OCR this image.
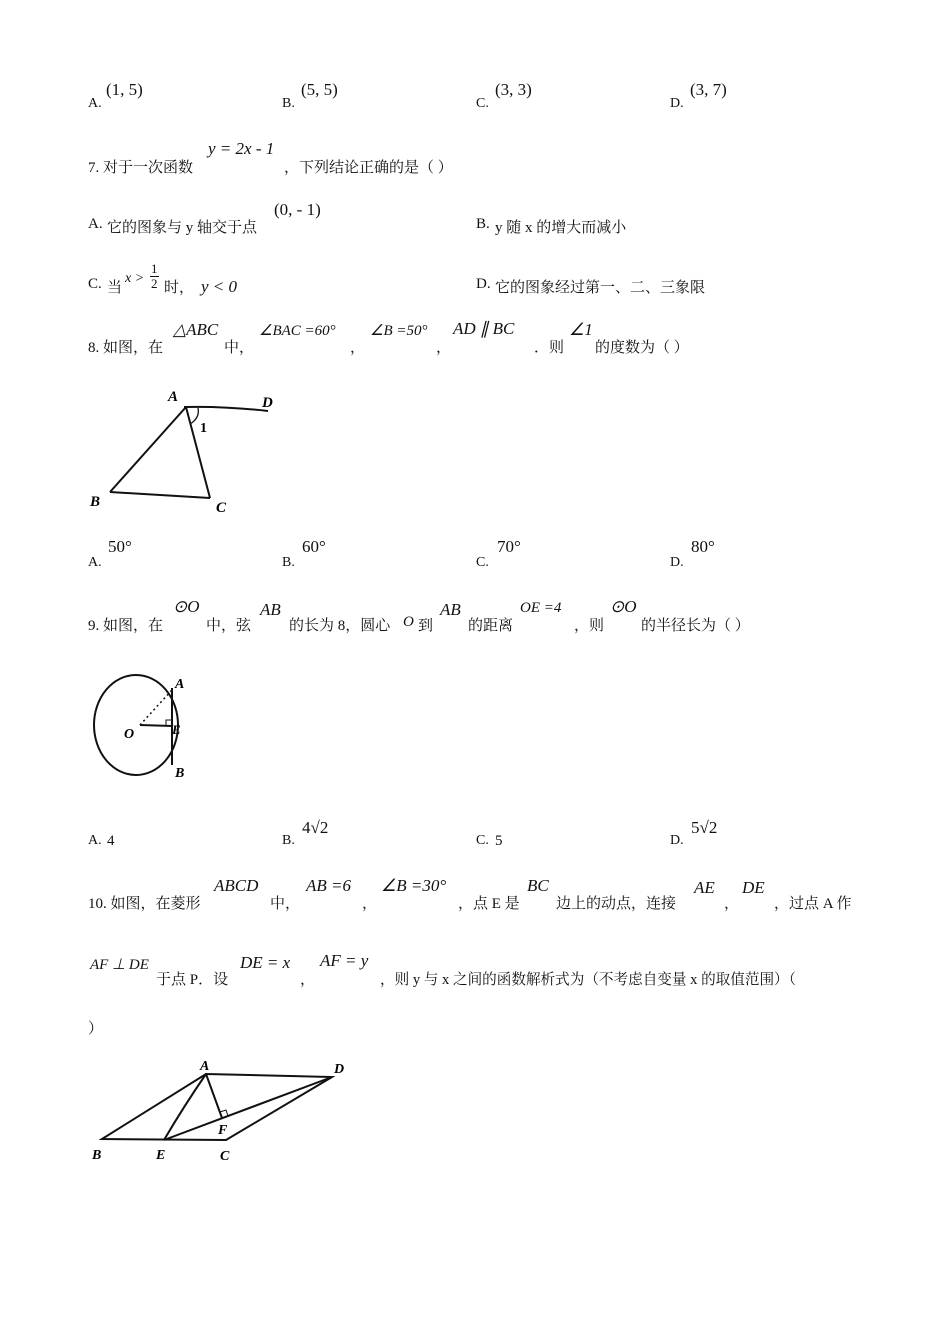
A.
(1, 5)
B.
(5, 5)
C.
(3, 3)
D.
(3, 7)
7. 对于一次函数
y = 2x - 1
，下列结论正确的是（ ）
A. 它的图象与 y 轴交于点
(0, - 1)
B. y 随 x 的增大而减小
C. 当
$x > \frac{1}{2}$ 时， y < 0	D. 它的图象经过第一、二、三象限
8. 如图，在
△ABC
中，
∠BAC =60°
，
∠B =50°
，
AD ∥ BC
．则
∠1
的度数为（ ）
A	D
1
B	C
A.
50°
B.
60°
C.
70°
D.
80°
9. 如图，在
⊙O
中，弦
AB
的长为 8，圆心 O 到
AB
的距离
OE =4
，则
⊙O
的半径长为（ ）
A
O	E
B
A. 4	B.
4√2
C. 5	D.
5√2
10. 如图，在菱形
ABCD
中，
AB =6
，
∠B =30°
，点 E 是
BC
边上的动点，连接
AE
，
DE
，过点 A 作
AF ⊥ DE
于点 P．设
DE = x
，
AF = y
，则 y 与 x 之间的函数解析式为（不考虑自变量 x 的取值范围）（
）
A	D
F
B	E	C
